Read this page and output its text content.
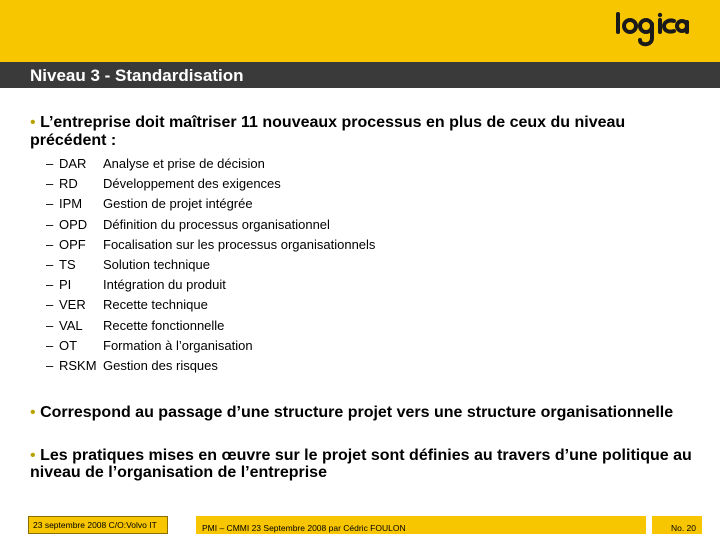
Niveau 3 - Standardisation
• L’entreprise doit maîtriser 11 nouveaux processus en plus de ceux du niveau précédent :
– DAR Analyse et prise de décision
– RD Développement des exigences
– IPM Gestion de projet intégrée
– OPD Définition du processus organisationnel
– OPF Focalisation sur les processus organisationnels
– TS Solution technique
– PI Intégration du produit
– VER Recette technique
– VAL Recette fonctionnelle
– OT Formation à l’organisation
– RSKM Gestion des risques
• Correspond au passage d’une structure projet vers une structure organisationnelle
• Les pratiques mises en œuvre sur le projet sont définies au travers d’une politique au niveau de l’organisation de l’entreprise
23 septembre 2008 C/O:Volvo IT	PMI – CMMI 23 Septembre 2008 par Cédric FOULON	No. 20
